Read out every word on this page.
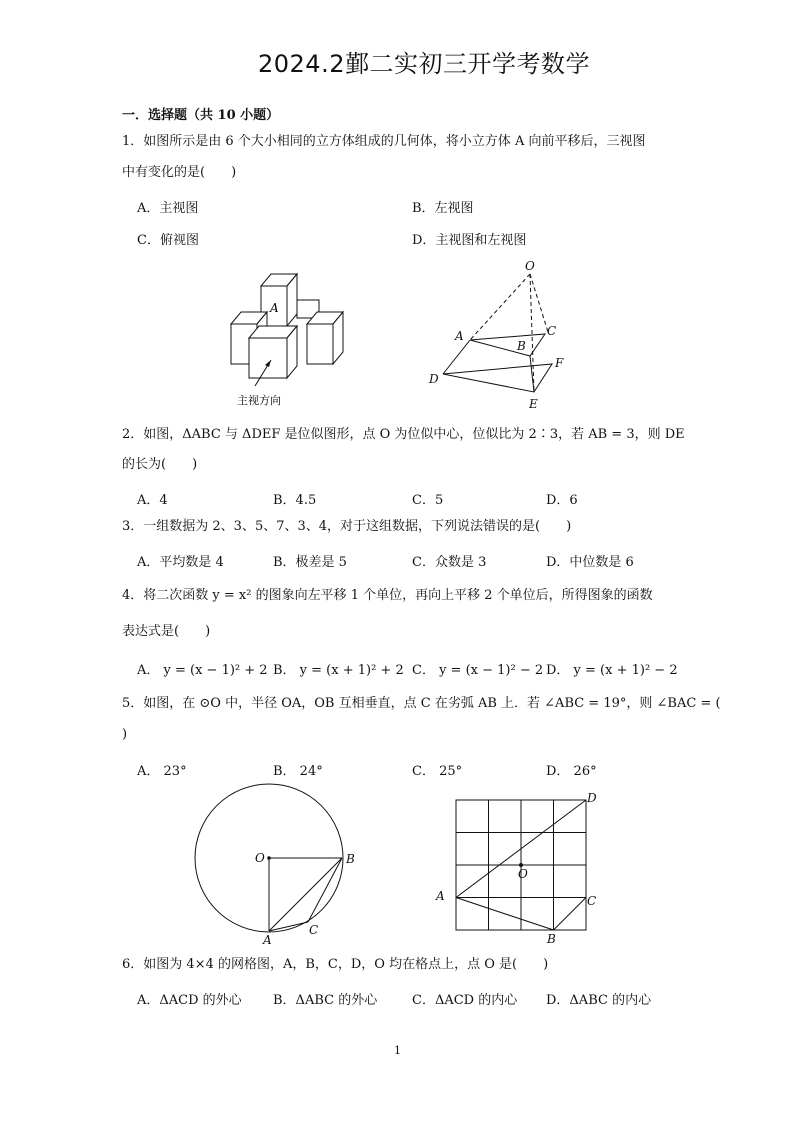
2024.2鄞二实初三开学考数学
一．选择题（共 10 小题）
1．如图所示是由 6 个大小相同的立方体组成的几何体，将小立方体 A 向前平移后，三视图
中有变化的是(　　)
A．主视图	B．左视图
C．俯视图	D．主视图和左视图
A
主视方向
O
A
B
C
D
E
F
2．如图，ΔABC 与 ΔDEF 是位似图形，点 O 为位似中心，位似比为 2∶3，若 AB = 3，则 DE
的长为(　　)
A．4	B．4.5	C．5	D．6
3．一组数据为 2、3、5、7、3、4，对于这组数据，下列说法错误的是(　　)
A．平均数是 4	B．极差是 5	C．众数是 3	D．中位数是 6
4．将二次函数 y = x² 的图象向左平移 1 个单位，再向上平移 2 个单位后，所得图象的函数
表达式是(　　)
A． y = (x − 1)² + 2 B． y = (x + 1)² + 2 C． y = (x − 1)² − 2 D． y = (x + 1)² − 2
5．如图，在 ⊙O 中，半径 OA，OB 互相垂直，点 C 在劣弧 AB 上．若 ∠ABC = 19°，则 ∠BAC = (
)
A． 23°	B． 24°	C． 25°	D． 26°
O	B
A
C
D
O
A	C
B
6．如图为 4×4 的网格图，A，B，C，D，O 均在格点上，点 O 是(　　)
A．ΔACD 的外心 B．ΔABC 的外心	C．ΔACD 的内心 D．ΔABC 的内心
1
